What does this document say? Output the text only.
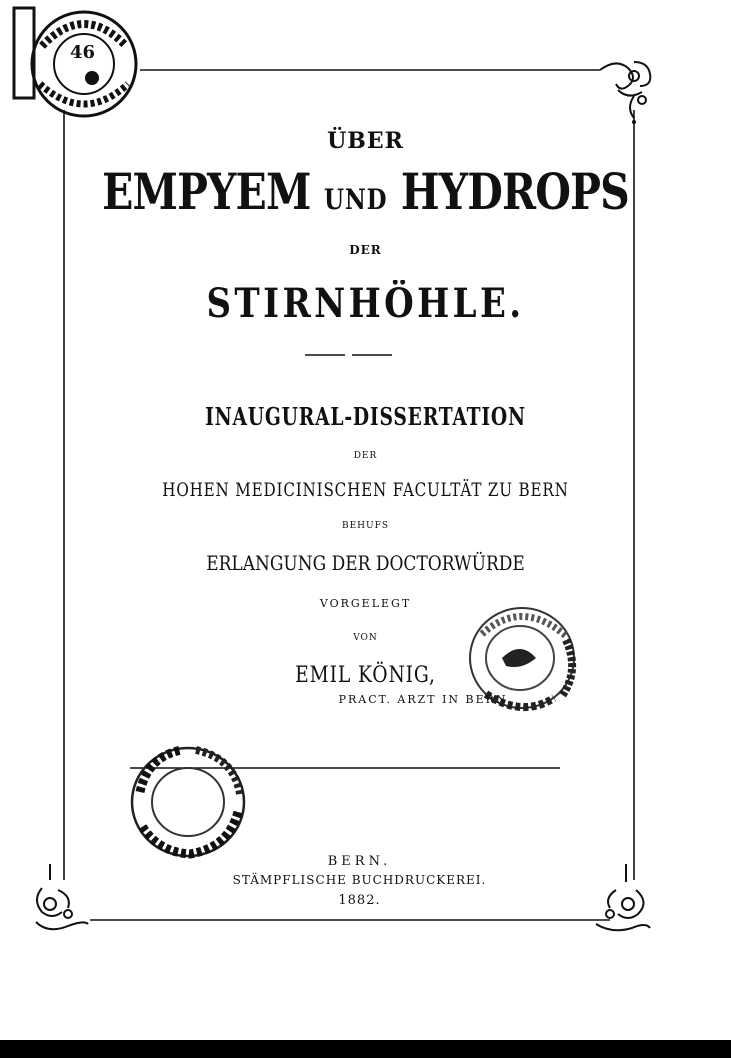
46
ÜBER
EMPYEM UND HYDROPS
DER
STIRNHÖHLE.
INAUGURAL-DISSERTATION
DER
HOHEN MEDICINISCHEN FACULTÄT ZU BERN
BEHUFS
ERLANGUNG DER DOCTORWÜRDE
VORGELEGT
VON
EMIL KÖNIG,
PRACT. ARZT IN BERN.
BERN.
STÄMPFLISCHE BUCHDRUCKEREI.
1882.
